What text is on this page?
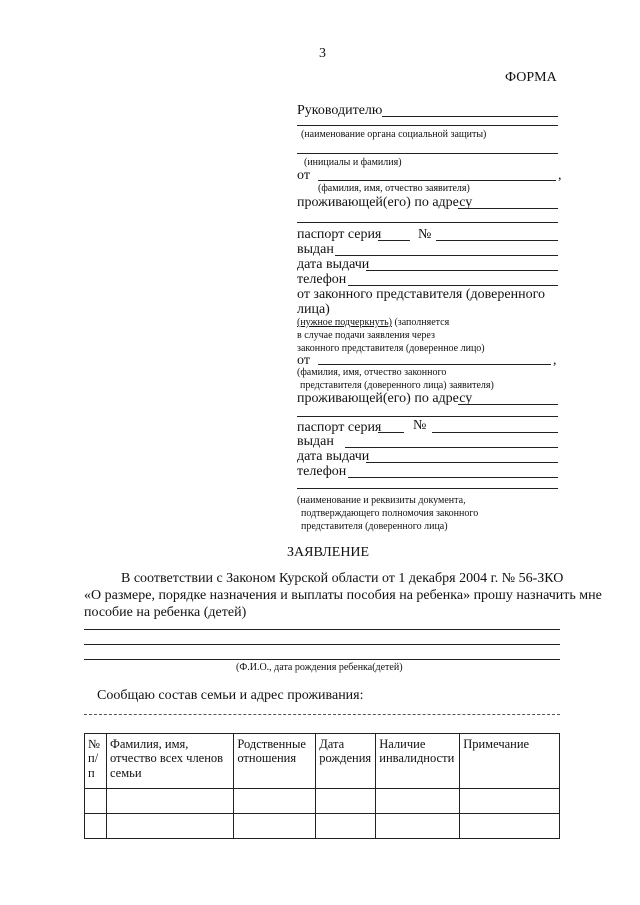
3
ФОРМА
Руководителю
(наименование органа социальной защиты)
(инициалы и фамилия)
от	,
(фамилия, имя, отчество заявителя)
проживающей(его) по адресу
паспорт серия	№
выдан
дата выдачи
телефон
от законного представителя (доверенного
лица)
(нужное подчеркнуть) (заполняется
в случае подачи заявления через
законного представителя (доверенное лицо)
от	,
(фамилия, имя, отчество законного
представителя (доверенного лица) заявителя)
проживающей(его) по адресу
паспорт серия №
выдан
дата выдачи
телефон
(наименование и реквизиты документа,
подтверждающего полномочия законного
представителя (доверенного лица)
ЗАЯВЛЕНИЕ
В соответствии с Законом Курской области от 1 декабря 2004 г. № 56-ЗКО
«О размере, порядке назначения и выплаты пособия на ребенка» прошу назначить мне
пособие на ребенка (детей)
(Ф.И.О., дата рождения ребенка(детей)
Сообщаю состав семьи и адрес проживания:
№ п/п	Фамилия, имя, отчество всех членов семьи	Родственные отношения	Дата рождения	Наличие инвалидности	Примечание
